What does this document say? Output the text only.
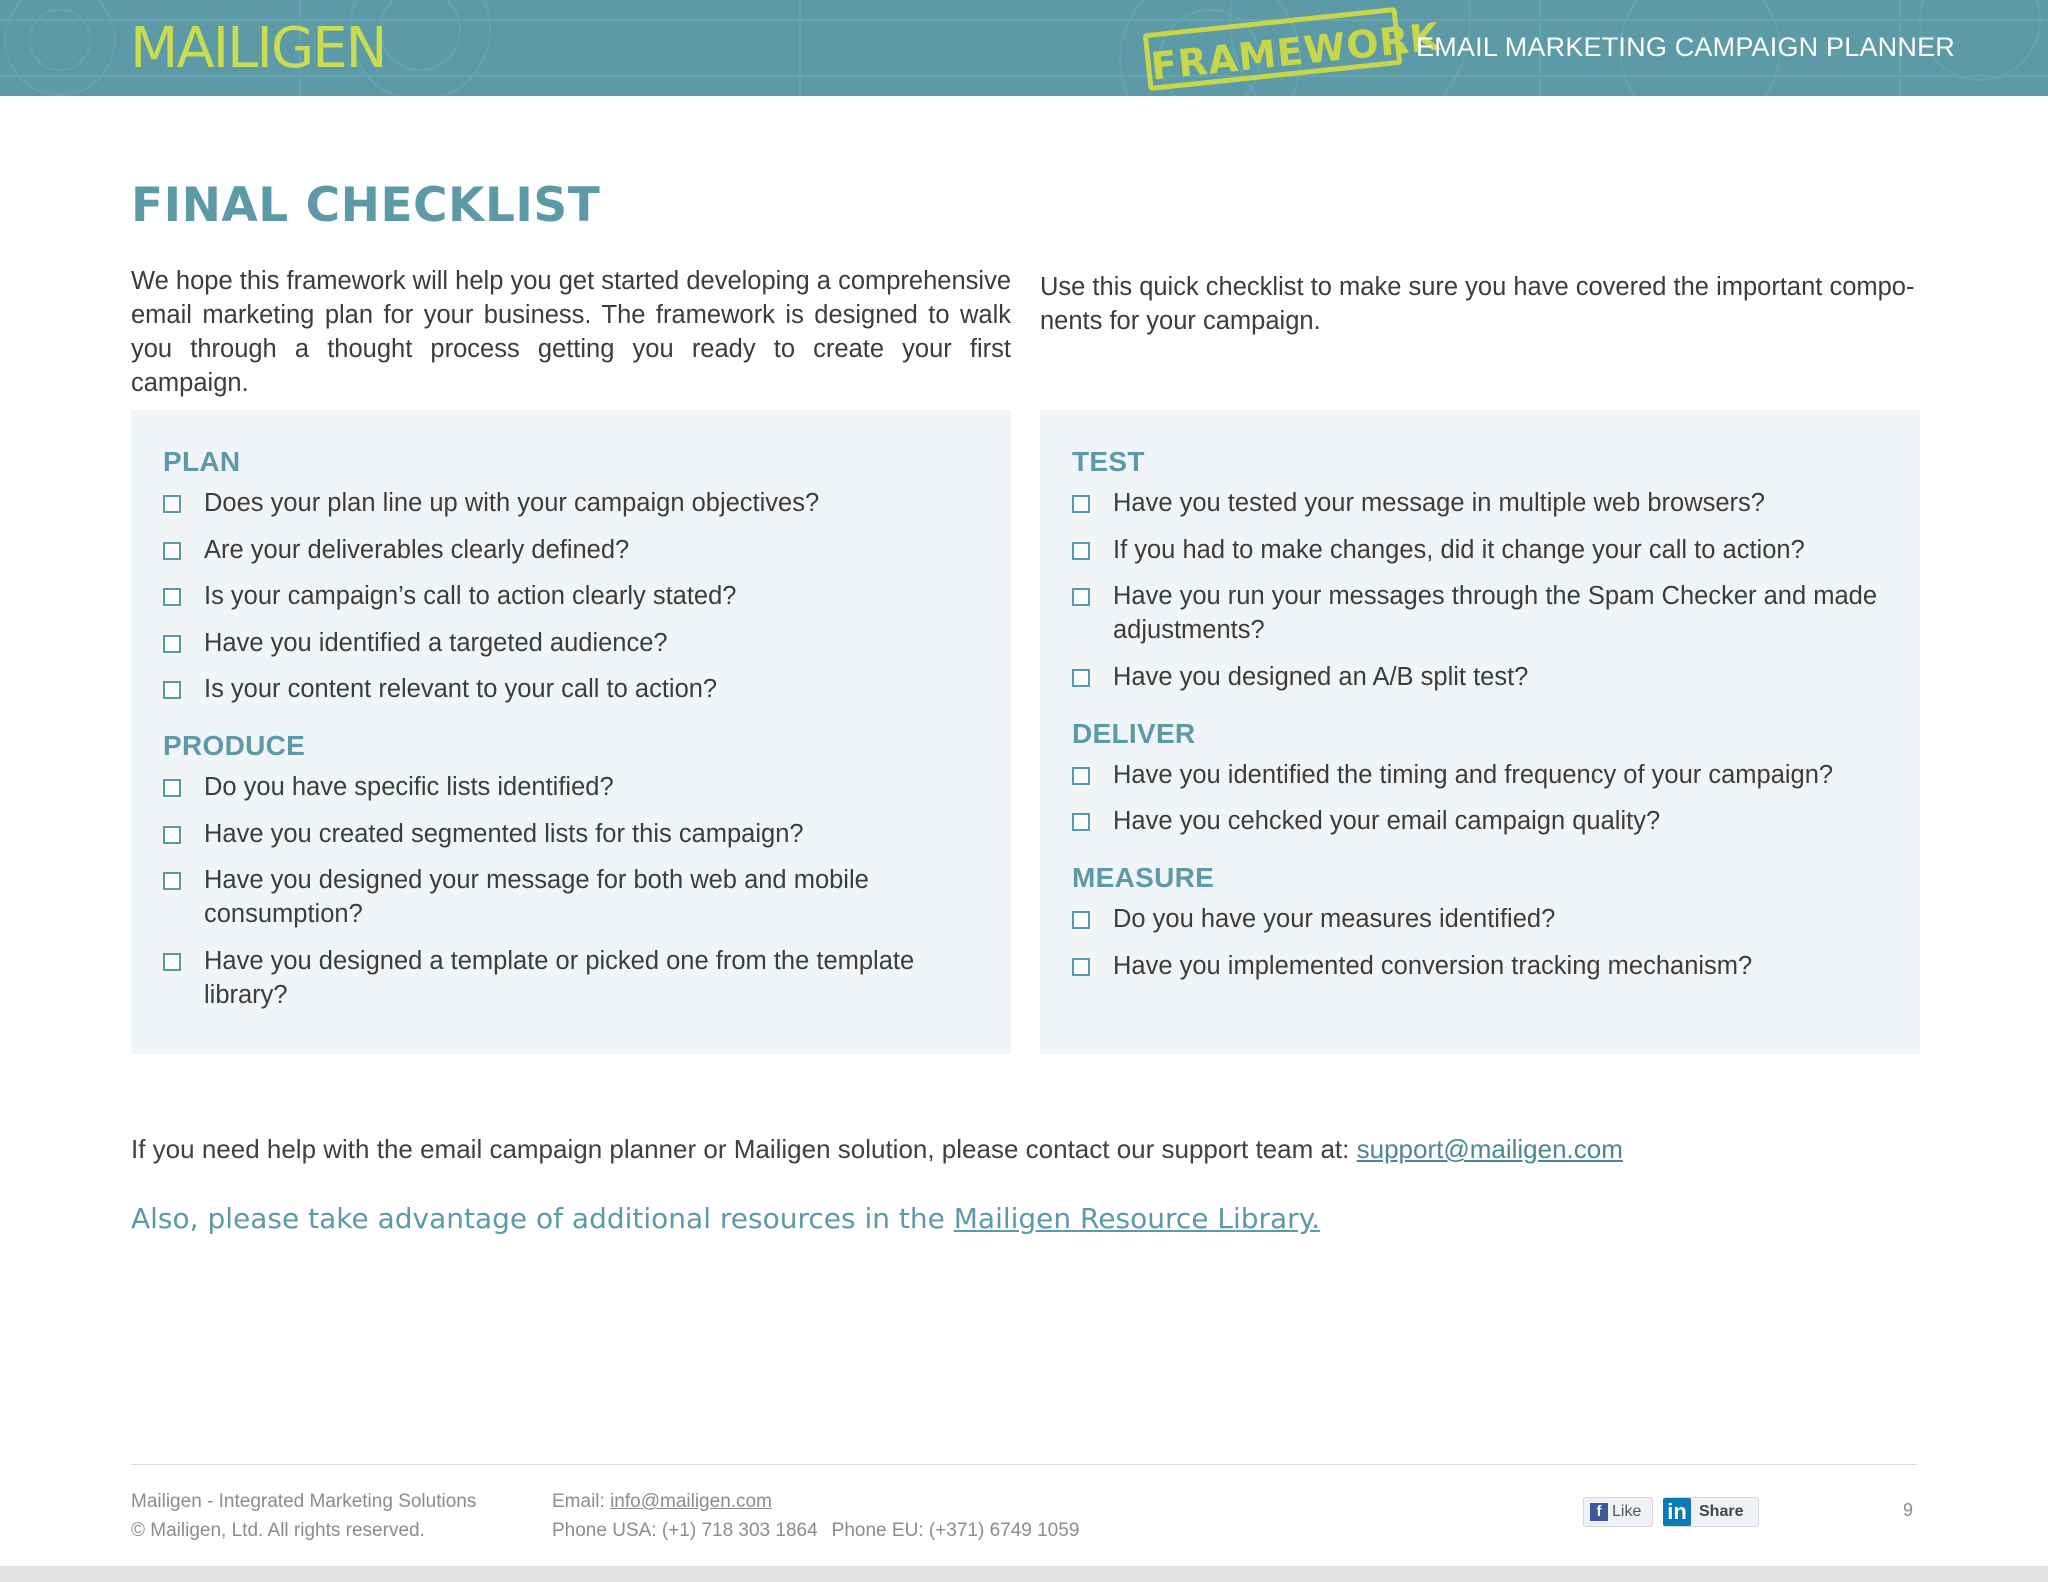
MAILIGEN	FRAMEWORK
EMAIL MARKETING CAMPAIGN PLANNER
FINAL CHECKLIST
We hope this framework will help you get started developing a comprehensive email marketing plan for your business. The framework is designed to walk you through a thought process getting you ready to create your first campaign.
Use this quick checklist to make sure you have covered the important compo- nents for your campaign.
PLAN
Does your plan line up with your campaign objectives?
Are your deliverables clearly defined?
Is your campaign’s call to action clearly stated?
Have you identified a targeted audience?
Is your content relevant to your call to action?
PRODUCE
Do you have specific lists identified?
Have you created segmented lists for this campaign?
Have you designed your message for both web and mobile consumption?
Have you designed a template or picked one from the template library?
TEST
Have you tested your message in multiple web browsers?
If you had to make changes, did it change your call to action?
Have you run your messages through the Spam Checker and made adjustments?
Have you designed an A/B split test?
DELIVER
Have you identified the timing and frequency of your campaign?
Have you cehcked your email campaign quality?
MEASURE
Do you have your measures identified?
Have you implemented conversion tracking mechanism?
If you need help with the email campaign planner or Mailigen solution, please contact our support team at: support@mailigen.com
Also, please take advantage of additional resources in the Mailigen Resource Library.
Mailigen - Integrated Marketing Solutions
© Mailigen, Ltd. All rights reserved.
Email: info@mailigen.com
Phone USA: (+1) 718 303 1864 Phone EU: (+371) 6749 1059
f Like in Share	9
